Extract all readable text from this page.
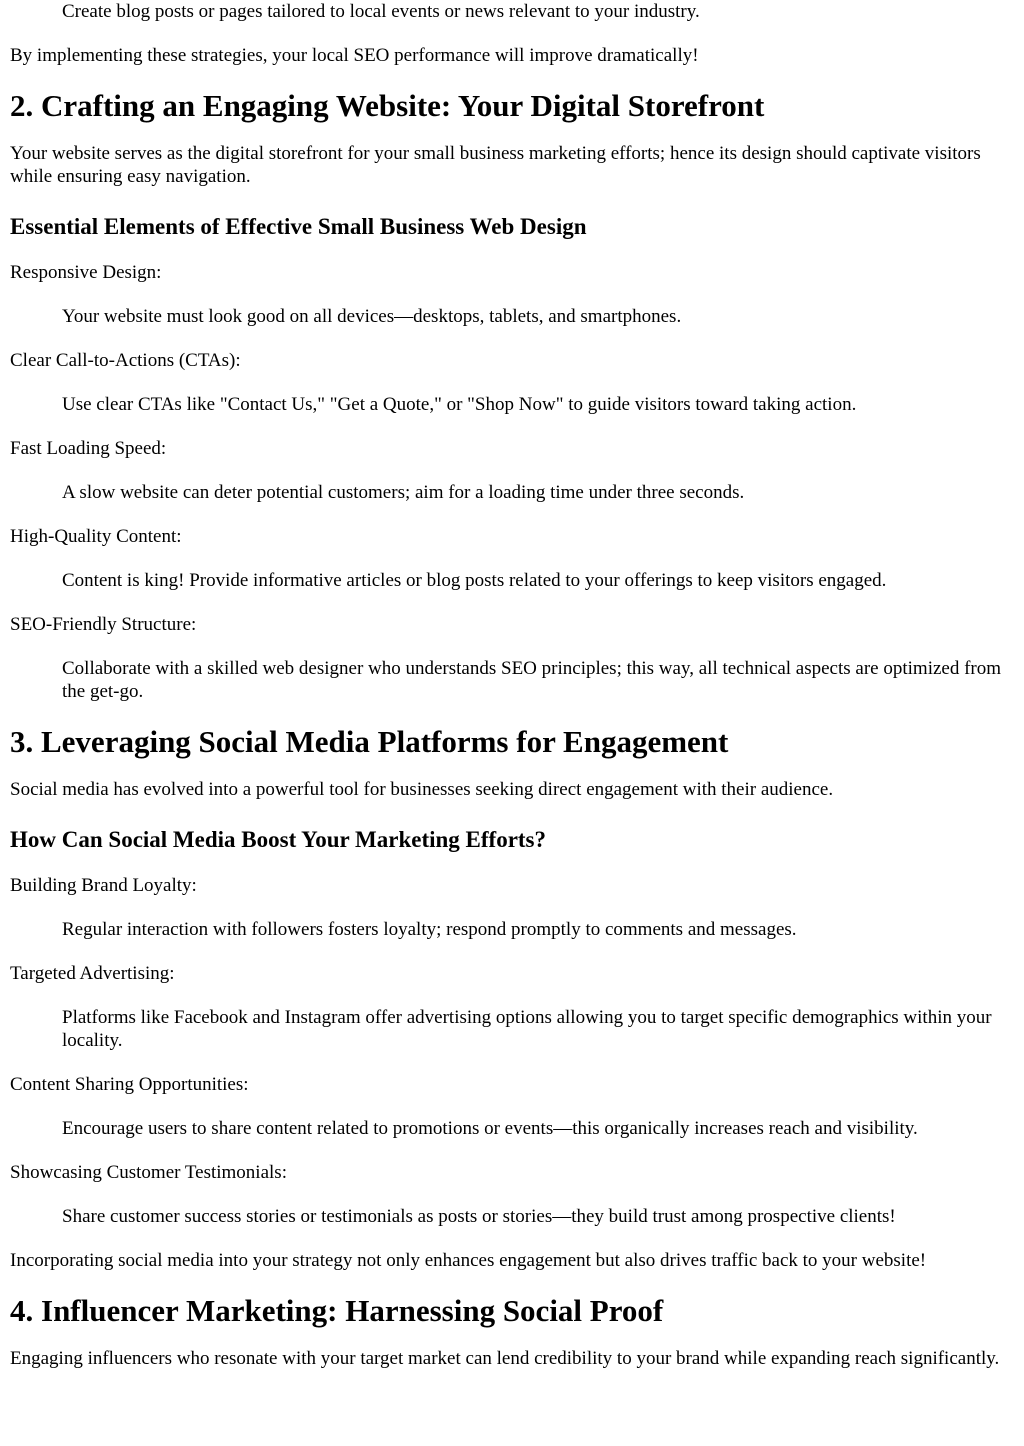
Create blog posts or pages tailored to local events or news relevant to your industry.

By implementing these strategies, your local SEO performance will improve dramatically!

2. Crafting an Engaging Website: Your Digital Storefront

Your website serves as the digital storefront for your small business marketing efforts; hence its design should captivate visitors while ensuring easy navigation.

Essential Elements of Effective Small Business Web Design

Responsive Design:

Your website must look good on all devices—desktops, tablets, and smartphones.

Clear Call-to-Actions (CTAs):

Use clear CTAs like "Contact Us," "Get a Quote," or "Shop Now" to guide visitors toward taking action.

Fast Loading Speed:

A slow website can deter potential customers; aim for a loading time under three seconds.

High-Quality Content:

Content is king! Provide informative articles or blog posts related to your offerings to keep visitors engaged.

SEO-Friendly Structure:

Collaborate with a skilled web designer who understands SEO principles; this way, all technical aspects are optimized from the get-go.

3. Leveraging Social Media Platforms for Engagement

Social media has evolved into a powerful tool for businesses seeking direct engagement with their audience.

How Can Social Media Boost Your Marketing Efforts?

Building Brand Loyalty:

Regular interaction with followers fosters loyalty; respond promptly to comments and messages.

Targeted Advertising:

Platforms like Facebook and Instagram offer advertising options allowing you to target specific demographics within your locality.

Content Sharing Opportunities:

Encourage users to share content related to promotions or events—this organically increases reach and visibility.

Showcasing Customer Testimonials:

Share customer success stories or testimonials as posts or stories—they build trust among prospective clients!

Incorporating social media into your strategy not only enhances engagement but also drives traffic back to your website!

4. Influencer Marketing: Harnessing Social Proof

Engaging influencers who resonate with your target market can lend credibility to your brand while expanding reach significantly.
